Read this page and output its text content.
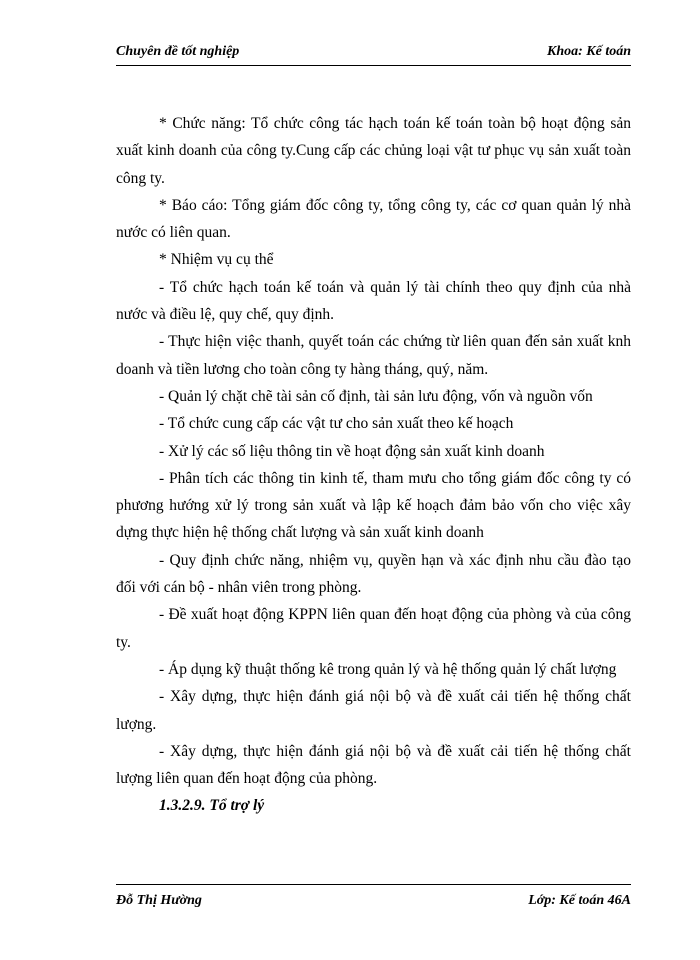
Chuyên đề tốt nghiệp	Khoa: Kế toán

* Chức năng: Tổ chức công tác hạch toán kế toán toàn bộ hoạt động sản xuất kinh doanh của công ty.Cung cấp các chủng loại vật tư phục vụ sản xuất toàn công ty.

* Báo cáo: Tổng giám đốc công ty, tổng công ty, các cơ quan quản lý nhà nước có liên quan.

* Nhiệm vụ cụ thể

- Tổ chức hạch toán kế toán và quản lý tài chính theo quy định của nhà nước và điều lệ, quy chế, quy định.

- Thực hiện việc thanh, quyết toán các chứng từ liên quan đến sản xuất knh doanh và tiền lương cho toàn công ty hàng tháng, quý, năm.

- Quản lý chặt chẽ tài sản cố định, tài sản lưu động, vốn và nguồn vốn

- Tổ chức cung cấp các vật tư cho sản xuất theo kế hoạch

- Xử lý các số liệu thông tin về hoạt động sản xuất kinh doanh

- Phân tích các thông tin kinh tế, tham mưu cho tổng giám đốc công ty có phương hướng xử lý trong sản xuất và lập kế hoạch đảm bảo vốn cho việc xây dựng thực hiện hệ thống chất lượng và sản xuất kinh doanh

- Quy định chức năng, nhiệm vụ, quyền hạn và xác định nhu cầu đào tạo đối với cán bộ - nhân viên trong phòng.

- Đề xuất hoạt động KPPN liên quan đến hoạt động của phòng và của công ty.

- Áp dụng kỹ thuật thống kê trong quản lý và hệ thống quản lý chất lượng

- Xây dựng, thực hiện đánh giá nội bộ và đề xuất cải tiến hệ thống chất lượng.

- Xây dựng, thực hiện đánh giá nội bộ và đề xuất cải tiến hệ thống chất lượng liên quan đến hoạt động của phòng.

1.3.2.9. Tổ trợ lý

Đỗ Thị Hường	Lớp: Kế toán 46A
